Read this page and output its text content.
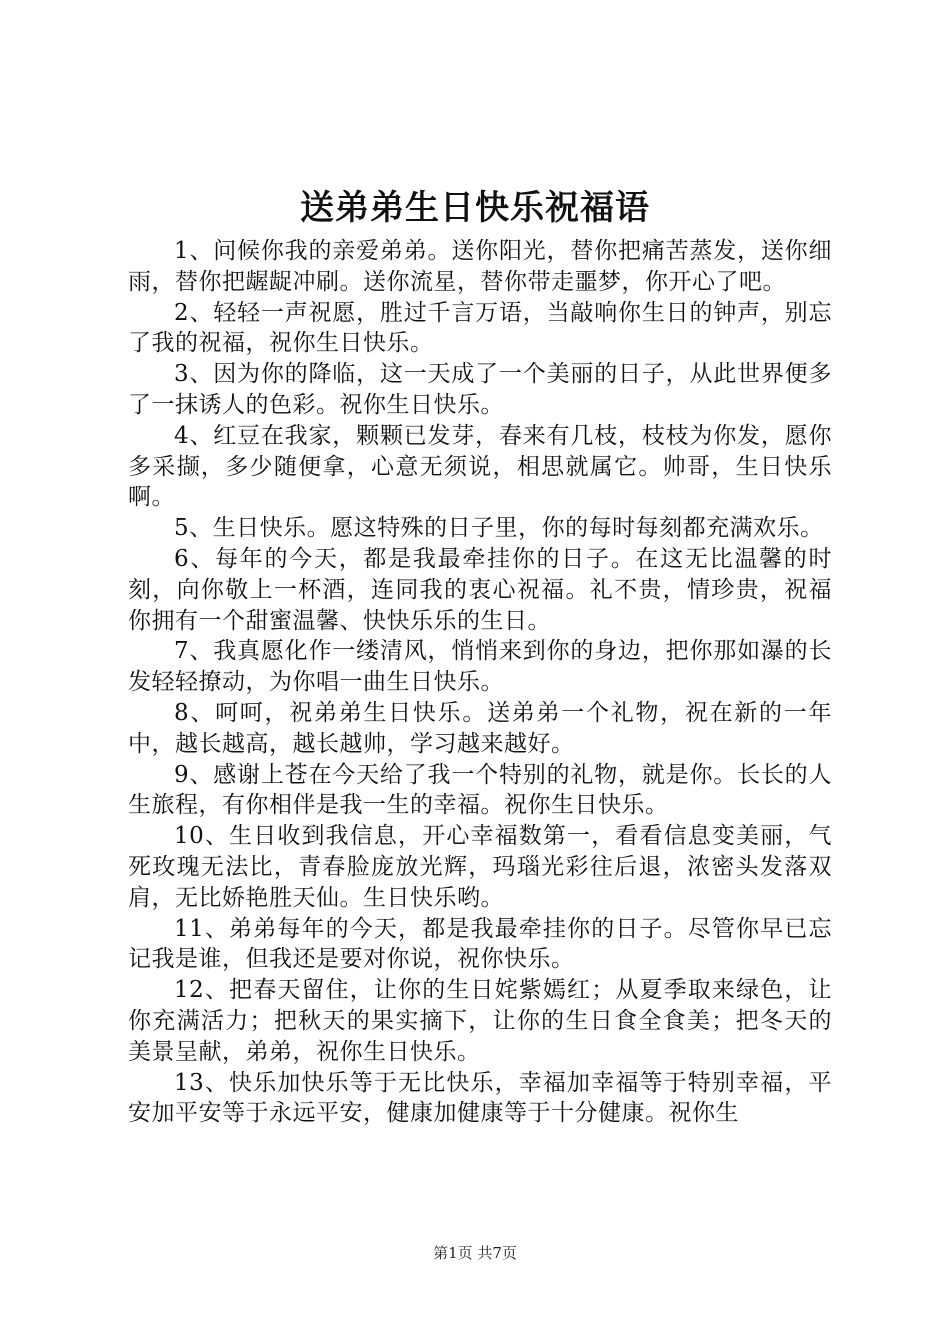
送弟弟生日快乐祝福语

1、问候你我的亲爱弟弟。送你阳光，替你把痛苦蒸发，送你细雨，替你把龌龊冲刷。送你流星，替你带走噩梦，你开心了吧。

2、轻轻一声祝愿，胜过千言万语，当敲响你生日的钟声，别忘了我的祝福，祝你生日快乐。

3、因为你的降临，这一天成了一个美丽的日子，从此世界便多了一抹诱人的色彩。祝你生日快乐。

4、红豆在我家，颗颗已发芽，春来有几枝，枝枝为你发，愿你多采撷，多少随便拿，心意无须说，相思就属它。帅哥，生日快乐啊。

5、生日快乐。愿这特殊的日子里，你的每时每刻都充满欢乐。

6、每年的今天，都是我最牵挂你的日子。在这无比温馨的时刻，向你敬上一杯酒，连同我的衷心祝福。礼不贵，情珍贵，祝福你拥有一个甜蜜温馨、快快乐乐的生日。

7、我真愿化作一缕清风，悄悄来到你的身边，把你那如瀑的长发轻轻撩动，为你唱一曲生日快乐。

8、呵呵，祝弟弟生日快乐。送弟弟一个礼物，祝在新的一年中，越长越高，越长越帅，学习越来越好。

9、感谢上苍在今天给了我一个特别的礼物，就是你。长长的人生旅程，有你相伴是我一生的幸福。祝你生日快乐。

10、生日收到我信息，开心幸福数第一，看看信息变美丽，气死玫瑰无法比，青春脸庞放光辉，玛瑙光彩往后退，浓密头发落双肩，无比娇艳胜天仙。生日快乐哟。

11、弟弟每年的今天，都是我最牵挂你的日子。尽管你早已忘记我是谁，但我还是要对你说，祝你快乐。

12、把春天留住，让你的生日姹紫嫣红；从夏季取来绿色，让你充满活力；把秋天的果实摘下，让你的生日食全食美；把冬天的美景呈献，弟弟，祝你生日快乐。

13、快乐加快乐等于无比快乐，幸福加幸福等于特别幸福，平安加平安等于永远平安，健康加健康等于十分健康。祝你生

第1页 共7页
